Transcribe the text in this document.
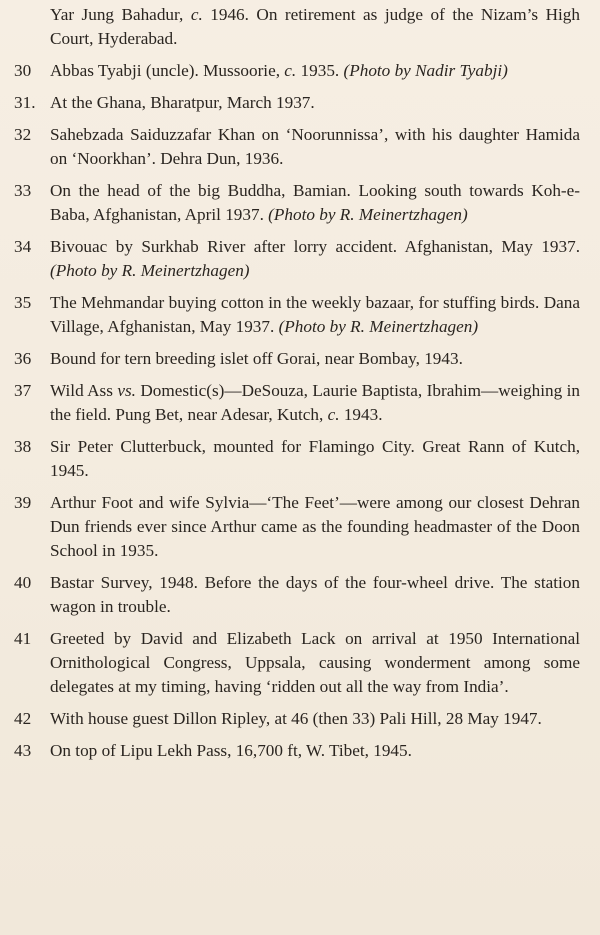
Yar Jung Bahadur, c. 1946. On retirement as judge of the Nizam’s High Court, Hyderabad.
30	Abbas Tyabji (uncle). Mussoorie, c. 1935. (Photo by Nadir Tyabji)
31. At the Ghana, Bharatpur, March 1937.
32	Sahebzada Saiduzzafar Khan on ‘Noorunnissa’, with his daughter Hamida on ‘Noorkhan’. Dehra Dun, 1936.
33	On the head of the big Buddha, Bamian. Looking south towards Koh-e-Baba, Afghanistan, April 1937. (Photo by R. Meinertzhagen)
34	Bivouac by Surkhab River after lorry accident. Afghanistan, May 1937. (Photo by R. Meinertzhagen)
35	The Mehmandar buying cotton in the weekly bazaar, for stuffing birds. Dana Village, Afghanistan, May 1937. (Photo by R. Meinertzhagen)
36	Bound for tern breeding islet off Gorai, near Bombay, 1943.
37	Wild Ass vs. Domestic(s)—DeSouza, Laurie Baptista, Ibrahim—weighing in the field. Pung Bet, near Adesar, Kutch, c. 1943.
38	Sir Peter Clutterbuck, mounted for Flamingo City. Great Rann of Kutch, 1945.
39	Arthur Foot and wife Sylvia—‘The Feet’—were among our closest Dehran Dun friends ever since Arthur came as the founding headmaster of the Doon School in 1935.
40	Bastar Survey, 1948. Before the days of the four-wheel drive. The station wagon in trouble.
41	Greeted by David and Elizabeth Lack on arrival at 1950 International Ornithological Congress, Uppsala, causing wonderment among some delegates at my timing, having ‘ridden out all the way from India’.
42	With house guest Dillon Ripley, at 46 (then 33) Pali Hill, 28 May 1947.
43	On top of Lipu Lekh Pass, 16,700 ft, W. Tibet, 1945.
